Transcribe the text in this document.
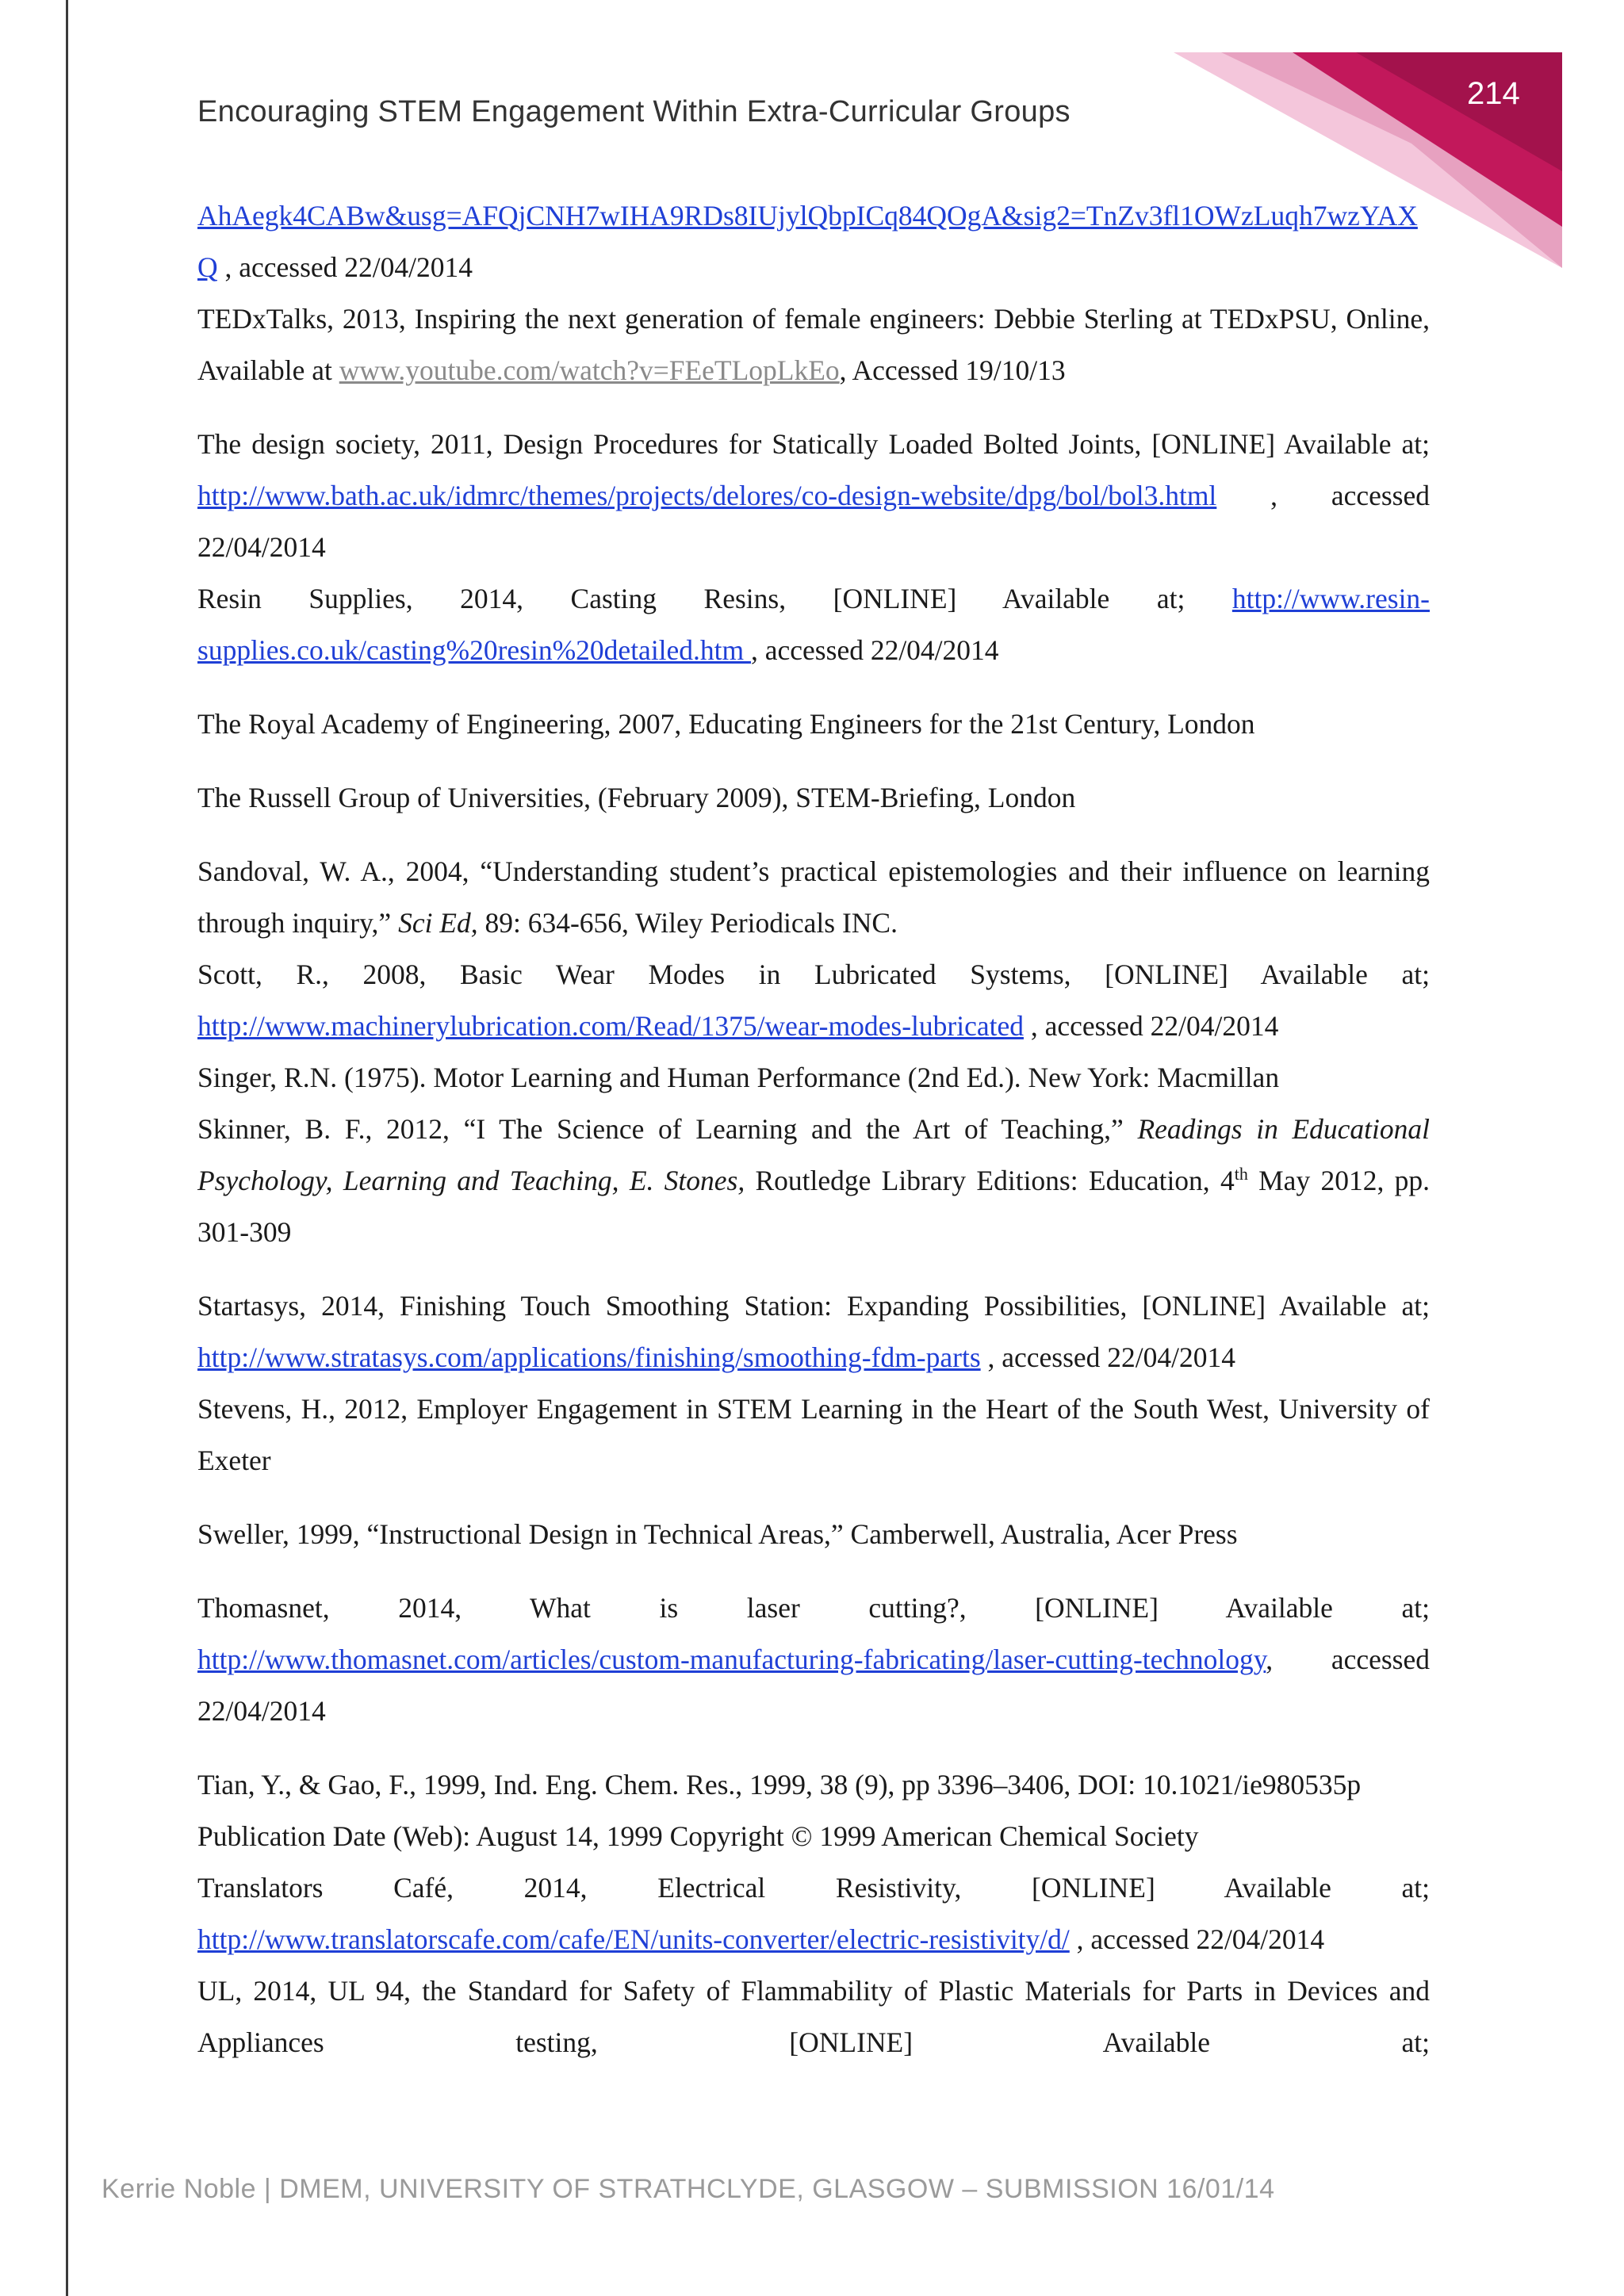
Encouraging STEM Engagement Within Extra-Curricular Groups
214

AhAegk4CABw&usg=AFQjCNH7wIHA9RDs8IUjylQbpICq84QOgA&sig2=TnZv3fl1OWzLuqh7wzYAXQ , accessed 22/04/2014

TEDxTalks, 2013, Inspiring the next generation of female engineers: Debbie Sterling at TEDxPSU, Online, Available at www.youtube.com/watch?v=FEeTLopLkEo, Accessed 19/10/13

The design society, 2011, Design Procedures for Statically Loaded Bolted Joints, [ONLINE] Available at; http://www.bath.ac.uk/idmrc/themes/projects/delores/co-design-website/dpg/bol/bol3.html , accessed 22/04/2014

Resin Supplies, 2014, Casting Resins, [ONLINE] Available at; http://www.resin-supplies.co.uk/casting%20resin%20detailed.htm , accessed 22/04/2014

The Royal Academy of Engineering, 2007, Educating Engineers for the 21st Century, London

The Russell Group of Universities, (February 2009), STEM-Briefing, London

Sandoval, W. A., 2004, “Understanding student’s practical epistemologies and their influence on learning through inquiry,” Sci Ed, 89: 634-656, Wiley Periodicals INC.

Scott, R., 2008, Basic Wear Modes in Lubricated Systems, [ONLINE] Available at; http://www.machinerylubrication.com/Read/1375/wear-modes-lubricated , accessed 22/04/2014

Singer, R.N. (1975). Motor Learning and Human Performance (2nd Ed.). New York: Macmillan

Skinner, B. F., 2012, “I The Science of Learning and the Art of Teaching,” Readings in Educational Psychology, Learning and Teaching, E. Stones, Routledge Library Editions: Education, 4th May 2012, pp. 301-309

Startasys, 2014, Finishing Touch Smoothing Station: Expanding Possibilities, [ONLINE] Available at; http://www.stratasys.com/applications/finishing/smoothing-fdm-parts , accessed 22/04/2014

Stevens, H., 2012, Employer Engagement in STEM Learning in the Heart of the South West, University of Exeter

Sweller, 1999, “Instructional Design in Technical Areas,” Camberwell, Australia, Acer Press

Thomasnet, 2014, What is laser cutting?, [ONLINE] Available at; http://www.thomasnet.com/articles/custom-manufacturing-fabricating/laser-cutting-technology, accessed 22/04/2014

Tian, Y., & Gao, F., 1999, Ind. Eng. Chem. Res., 1999, 38 (9), pp 3396–3406, DOI: 10.1021/ie980535p Publication Date (Web): August 14, 1999 Copyright © 1999 American Chemical Society

Translators Café, 2014, Electrical Resistivity, [ONLINE] Available at; http://www.translatorscafe.com/cafe/EN/units-converter/electric-resistivity/d/ , accessed 22/04/2014

UL, 2014, UL 94, the Standard for Safety of Flammability of Plastic Materials for Parts in Devices and Appliances testing, [ONLINE] Available at;

Kerrie Noble | DMEM, UNIVERSITY OF STRATHCLYDE, GLASGOW – SUBMISSION 16/01/14
